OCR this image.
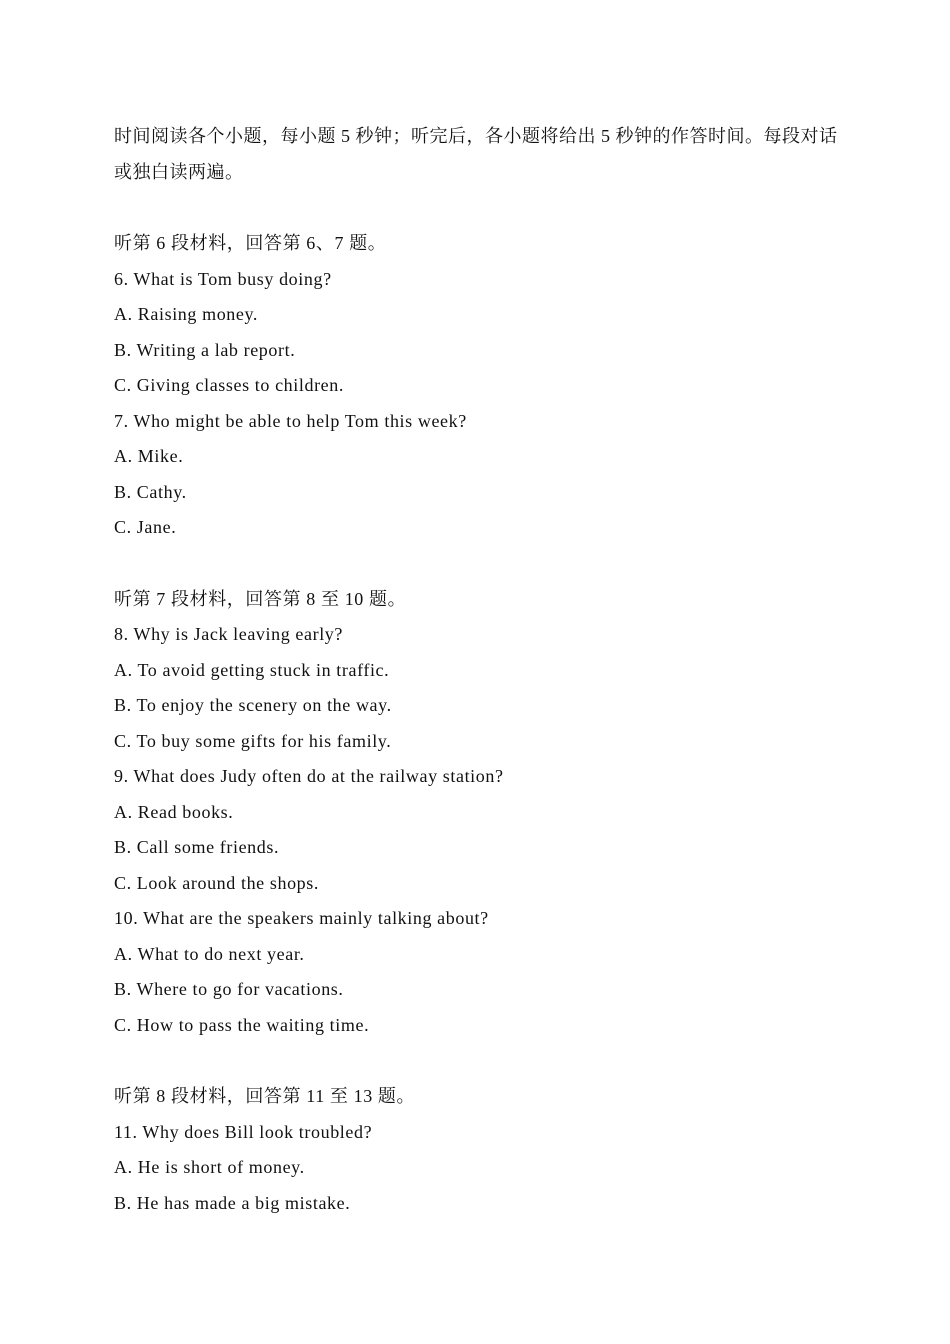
时间阅读各个小题，每小题 5 秒钟；听完后，各小题将给出 5 秒钟的作答时间。每段对话或独白读两遍。

听第 6 段材料，回答第 6、7 题。
6. What is Tom busy doing?
A. Raising money.
B. Writing a lab report.
C. Giving classes to children.
7. Who might be able to help Tom this week?
A. Mike.
B. Cathy.
C. Jane.
听第 7 段材料，回答第 8 至 10 题。
8. Why is Jack leaving early?
A. To avoid getting stuck in traffic.
B. To enjoy the scenery on the way.
C. To buy some gifts for his family.
9. What does Judy often do at the railway station?
A. Read books.
B. Call some friends.
C. Look around the shops.
10. What are the speakers mainly talking about?
A. What to do next year.
B. Where to go for vacations.
C. How to pass the waiting time.
听第 8 段材料，回答第 11 至 13 题。
11. Why does Bill look troubled?
A. He is short of money.
B. He has made a big mistake.
